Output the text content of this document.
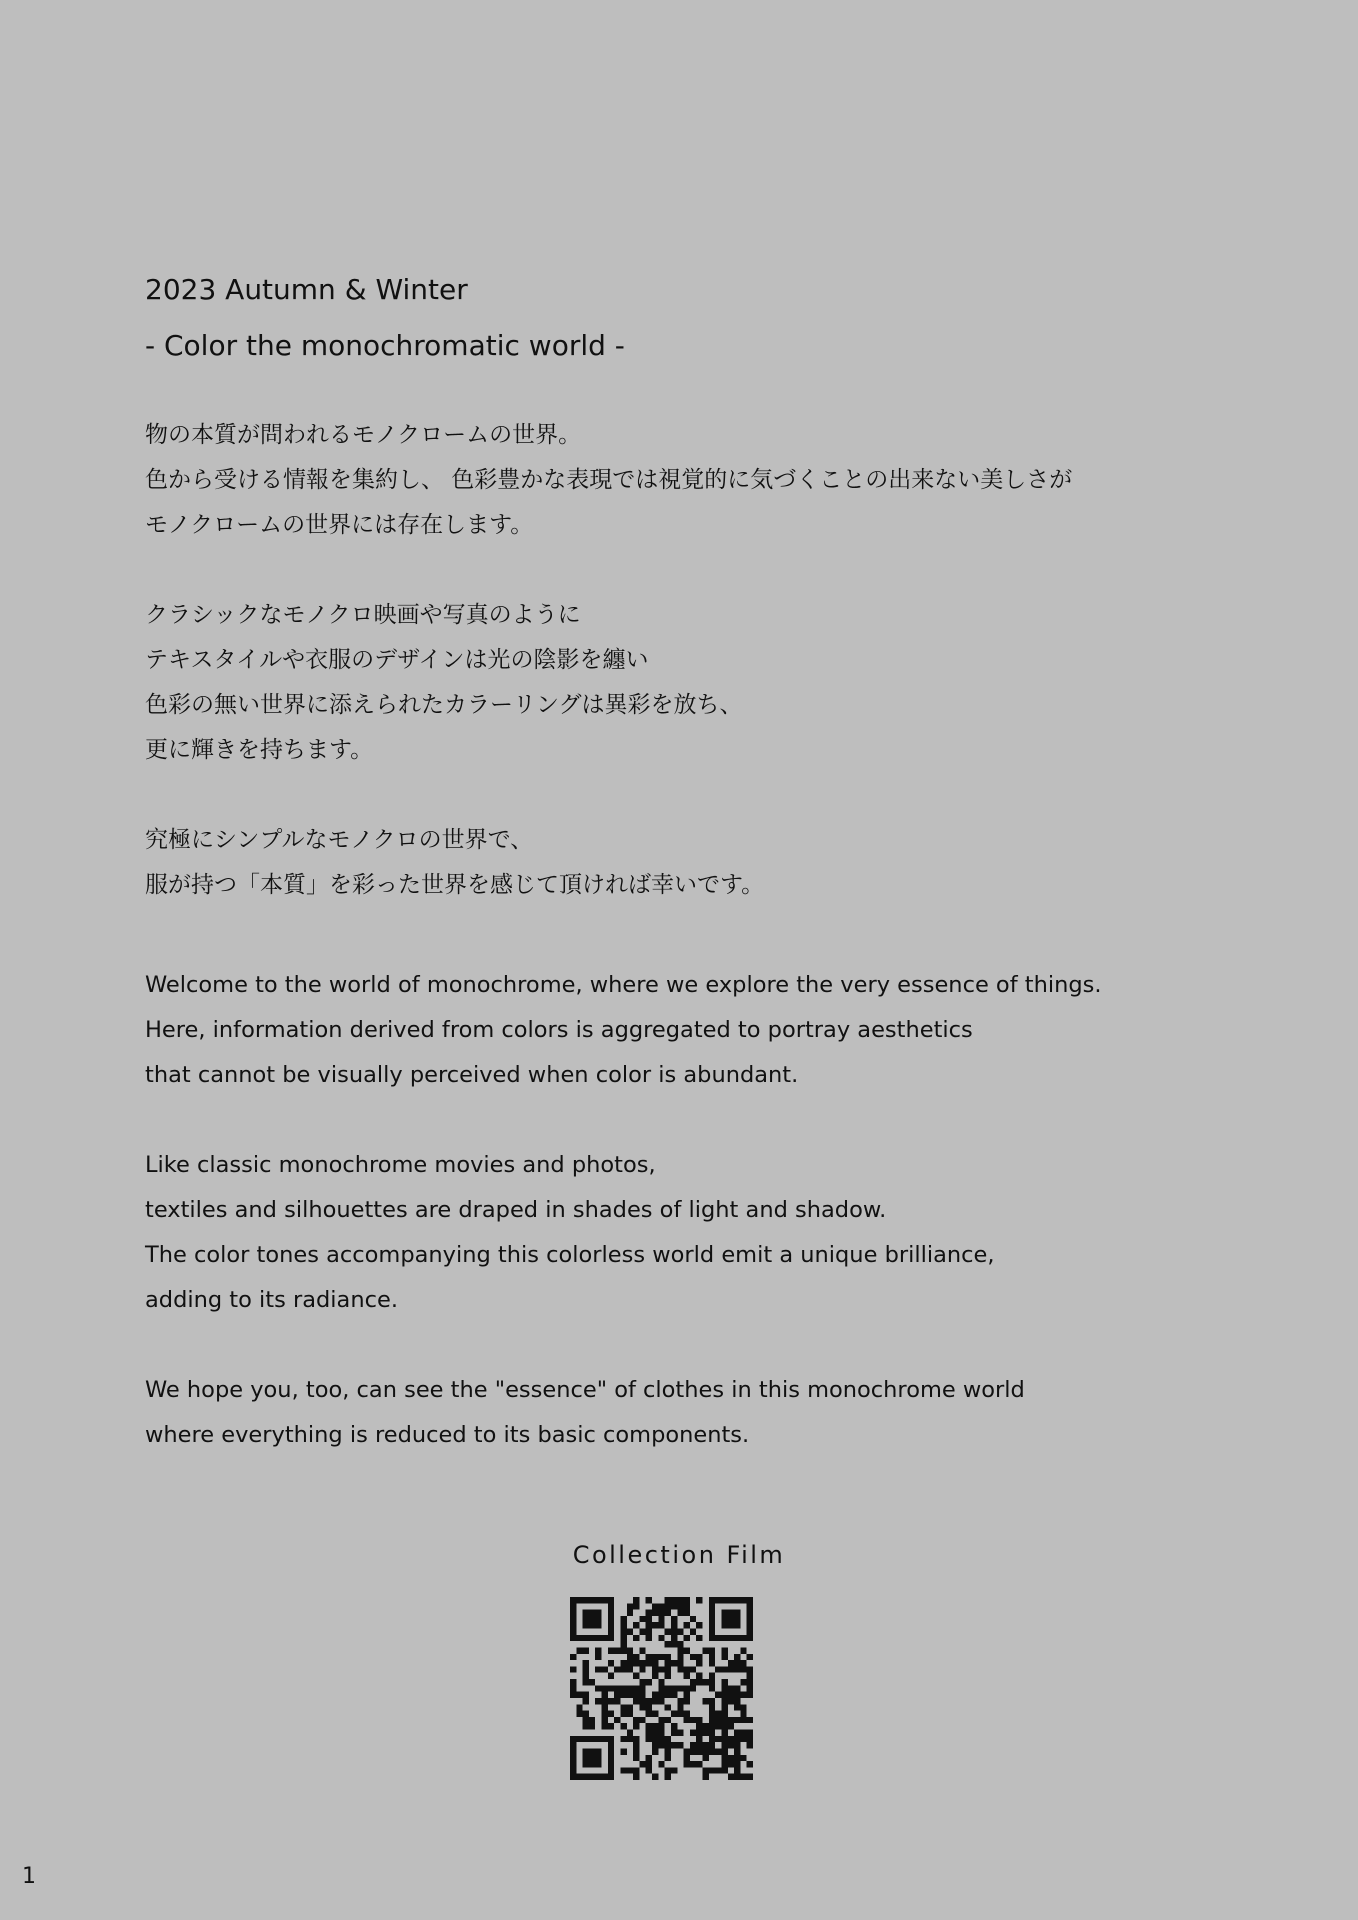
2023 Autumn & Winter

- Color the monochromatic world -

物の本質が問われるモノクロームの世界。
色から受ける情報を集約し、 色彩豊かな表現では視覚的に気づくことの出来ない美しさが
モノクロームの世界には存在します。

クラシックなモノクロ映画や写真のように
テキスタイルや衣服のデザインは光の陰影を纏い
色彩の無い世界に添えられたカラーリングは異彩を放ち、
更に輝きを持ちます。

究極にシンプルなモノクロの世界で、
服が持つ「本質」を彩った世界を感じて頂ければ幸いです。

Welcome to the world of monochrome, where we explore the very essence of things.
Here, information derived from colors is aggregated to portray aesthetics
that cannot be visually perceived when color is abundant.

Like classic monochrome movies and photos,
textiles and silhouettes are draped in shades of light and shadow.
The color tones accompanying this colorless world emit a unique brilliance,
adding to its radiance.

We hope you, too, can see the "essence" of clothes in this monochrome world
where everything is reduced to its basic components.

Collection Film
1
